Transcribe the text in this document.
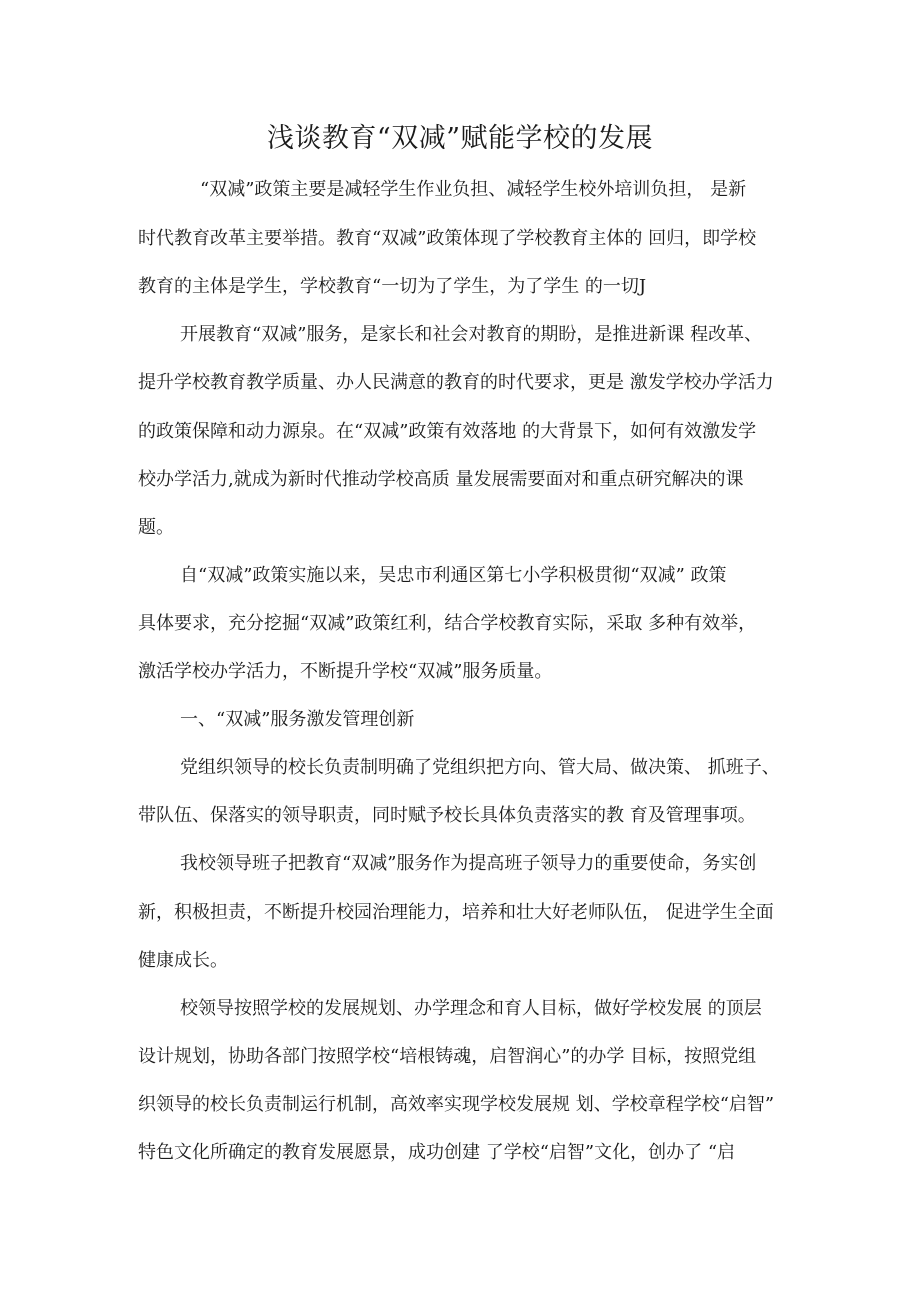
浅谈教育“双减”赋能学校的发展
“双减”政策主要是减轻学生作业负担、减轻学生校外培训负担， 是新
时代教育改革主要举措。教育“双减”政策体现了学校教育主体的 回归，即学校
教育的主体是学生，学校教育“一切为了学生，为了学生 的一切J
开展教育“双减”服务，是家长和社会对教育的期盼，是推进新课 程改革、
提升学校教育教学质量、办人民满意的教育的时代要求，更是 激发学校办学活力
的政策保障和动力源泉。在“双减”政策有效落地 的大背景下，如何有效激发学
校办学活力,就成为新时代推动学校高质 量发展需要面对和重点研究解决的课
题。
自“双减”政策实施以来，吴忠市利通区第七小学积极贯彻“双减” 政策
具体要求，充分挖掘“双减”政策红利，结合学校教育实际，采取 多种有效举，
激活学校办学活力，不断提升学校“双减”服务质量。
一、“双减”服务激发管理创新
党组织领导的校长负责制明确了党组织把方向、管大局、做决策、 抓班子、
带队伍、保落实的领导职责，同时赋予校长具体负责落实的教 育及管理事项。
我校领导班子把教育“双减”服务作为提高班子领导力的重要使命，务实创
新，积极担责，不断提升校园治理能力，培养和壮大好老师队伍， 促进学生全面
健康成长。
校领导按照学校的发展规划、办学理念和育人目标，做好学校发展 的顶层
设计规划，协助各部门按照学校“培根铸魂，启智润心”的办学 目标，按照党组
织领导的校长负责制运行机制，高效率实现学校发展规 划、学校章程学校“启智”
特色文化所确定的教育发展愿景，成功创建 了学校“启智”文化，创办了 “启
